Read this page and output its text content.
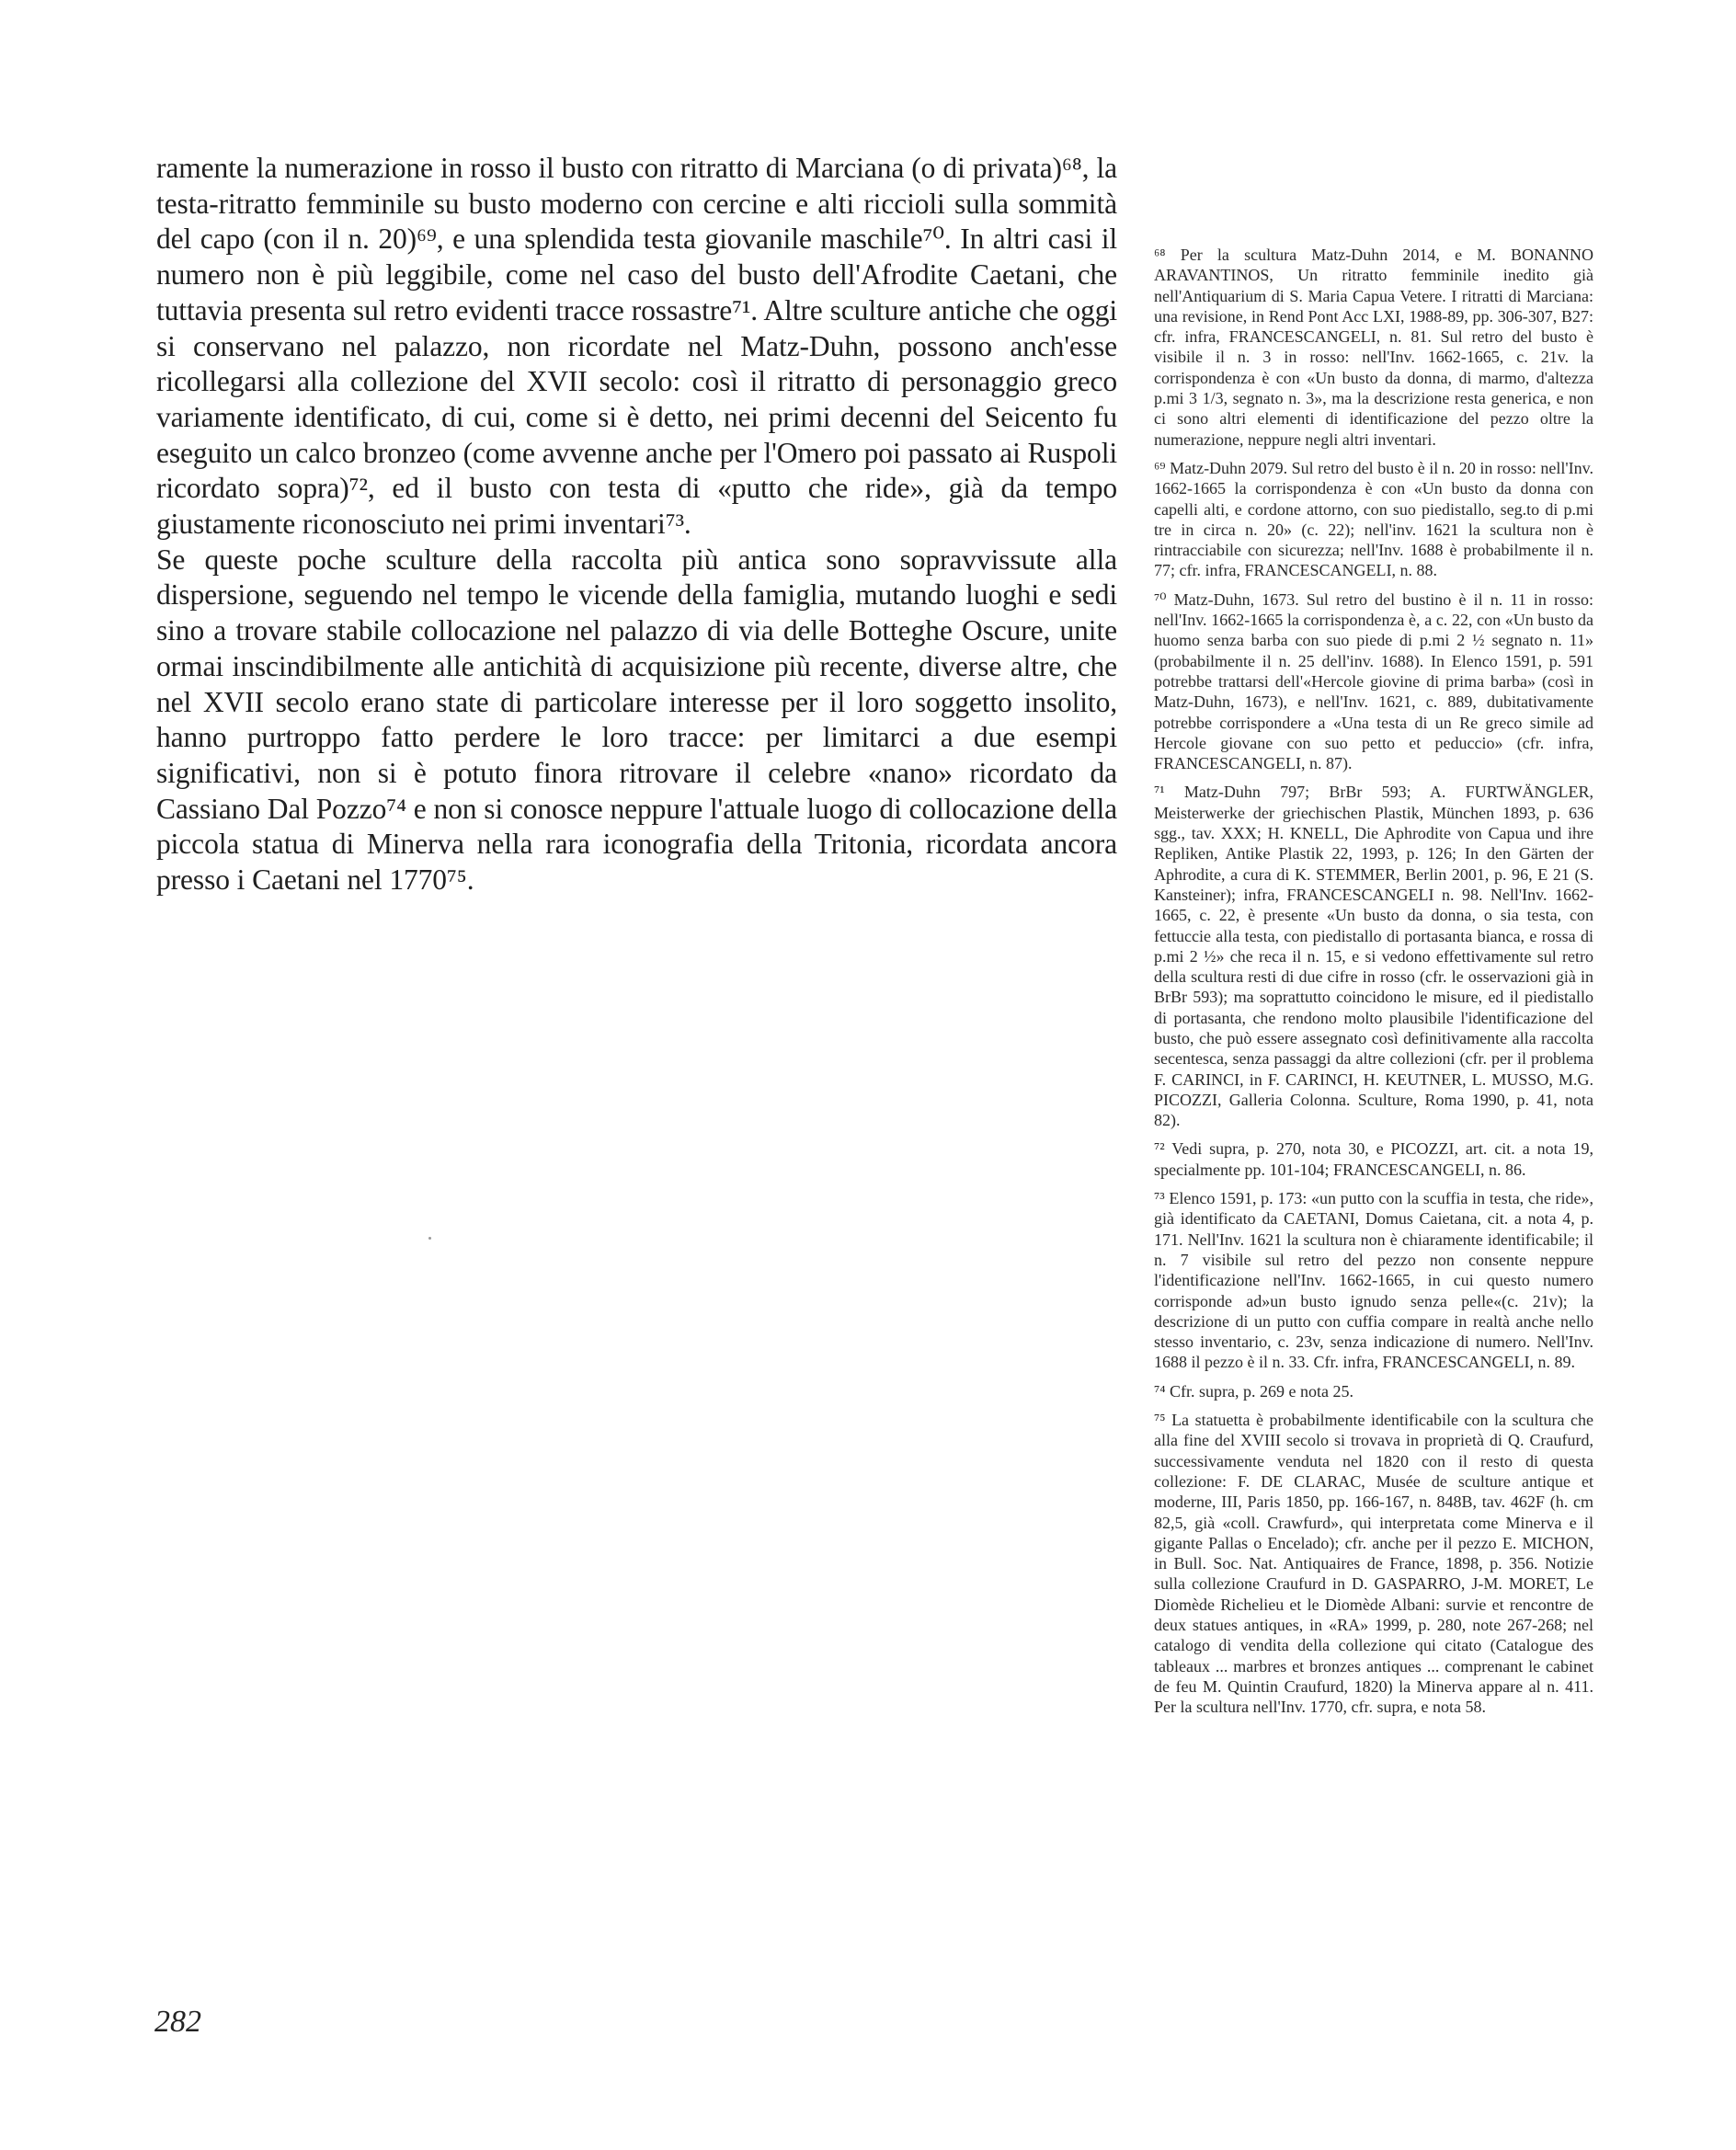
ramente la numerazione in rosso il busto con ritratto di Marciana (o di privata)⁶⁸, la testa-ritratto femminile su busto moderno con cercine e alti riccioli sulla sommità del capo (con il n. 20)⁶⁹, e una splendida testa giovanile maschile⁷⁰. In altri casi il numero non è più leggibile, come nel caso del busto dell'Afrodite Caetani, che tuttavia presenta sul retro evidenti tracce rossastre⁷¹. Altre sculture antiche che oggi si conservano nel palazzo, non ricordate nel Matz-Duhn, possono anch'esse ricollegarsi alla collezione del XVII secolo: così il ritratto di personaggio greco variamente identificato, di cui, come si è detto, nei primi decenni del Seicento fu eseguito un calco bronzeo (come avvenne anche per l'Omero poi passato ai Ruspoli ricordato sopra)⁷², ed il busto con testa di «putto che ride», già da tempo giustamente riconosciuto nei primi inventari⁷³.

Se queste poche sculture della raccolta più antica sono sopravvissute alla dispersione, seguendo nel tempo le vicende della famiglia, mutando luoghi e sedi sino a trovare stabile collocazione nel palazzo di via delle Botteghe Oscure, unite ormai inscindibilmente alle antichità di acquisizione più recente, diverse altre, che nel XVII secolo erano state di particolare interesse per il loro soggetto insolito, hanno purtroppo fatto perdere le loro tracce: per limitarci a due esempi significativi, non si è potuto finora ritrovare il celebre «nano» ricordato da Cassiano Dal Pozzo⁷⁴ e non si conosce neppure l'attuale luogo di collocazione della piccola statua di Minerva nella rara iconografia della Tritonia, ricordata ancora presso i Caetani nel 1770⁷⁵.

⁶⁸ Per la scultura Matz-Duhn 2014, e M. BONANNO ARAVANTINOS, Un ritratto femminile inedito già nell'Antiquarium di S. Maria Capua Vetere. I ritratti di Marciana: una revisione, in Rend Pont Acc LXI, 1988-89, pp. 306-307, B27: cfr. infra, FRANCESCANGELI, n. 81. Sul retro del busto è visibile il n. 3 in rosso: nell'Inv. 1662-1665, c. 21v. la corrispondenza è con «Un busto da donna, di marmo, d'altezza p.mi 3 1/3, segnato n. 3», ma la descrizione resta generica, e non ci sono altri elementi di identificazione del pezzo oltre la numerazione, neppure negli altri inventari.

⁶⁹ Matz-Duhn 2079. Sul retro del busto è il n. 20 in rosso: nell'Inv. 1662-1665 la corrispondenza è con «Un busto da donna con capelli alti, e cordone attorno, con suo piedistallo, seg.to di p.mi tre in circa n. 20» (c. 22); nell'inv. 1621 la scultura non è rintracciabile con sicurezza; nell'Inv. 1688 è probabilmente il n. 77; cfr. infra, FRANCESCANGELI, n. 88.

⁷⁰ Matz-Duhn, 1673. Sul retro del bustino è il n. 11 in rosso: nell'Inv. 1662-1665 la corrispondenza è, a c. 22, con «Un busto da huomo senza barba con suo piede di p.mi 2 ½ segnato n. 11» (probabilmente il n. 25 dell'inv. 1688). In Elenco 1591, p. 591 potrebbe trattarsi dell'«Hercole giovine di prima barba» (così in Matz-Duhn, 1673), e nell'Inv. 1621, c. 889, dubitativamente potrebbe corrispondere a «Una testa di un Re greco simile ad Hercole giovane con suo petto et peduccio» (cfr. infra, FRANCESCANGELI, n. 87).

⁷¹ Matz-Duhn 797; BrBr 593; A. FURTWÄNGLER, Meisterwerke der griechischen Plastik, München 1893, p. 636 sgg., tav. XXX; H. KNELL, Die Aphrodite von Capua und ihre Repliken, Antike Plastik 22, 1993, p. 126; In den Gärten der Aphrodite, a cura di K. STEMMER, Berlin 2001, p. 96, E 21 (S. Kansteiner); infra, FRANCESCANGELI n. 98. Nell'Inv. 1662-1665, c. 22, è presente «Un busto da donna, o sia testa, con fettuccie alla testa, con piedistallo di portasanta bianca, e rossa di p.mi 2 ½» che reca il n. 15, e si vedono effettivamente sul retro della scultura resti di due cifre in rosso (cfr. le osservazioni già in BrBr 593); ma soprattutto coincidono le misure, ed il piedistallo di portasanta, che rendono molto plausibile l'identificazione del busto, che può essere assegnato così definitivamente alla raccolta secentesca, senza passaggi da altre collezioni (cfr. per il problema F. CARINCI, in F. CARINCI, H. KEUTNER, L. MUSSO, M.G. PICOZZI, Galleria Colonna. Sculture, Roma 1990, p. 41, nota 82).

⁷² Vedi supra, p. 270, nota 30, e PICOZZI, art. cit. a nota 19, specialmente pp. 101-104; FRANCESCANGELI, n. 86.

⁷³ Elenco 1591, p. 173: «un putto con la scuffia in testa, che ride», già identificato da CAETANI, Domus Caietana, cit. a nota 4, p. 171. Nell'Inv. 1621 la scultura non è chiaramente identificabile; il n. 7 visibile sul retro del pezzo non consente neppure l'identificazione nell'Inv. 1662-1665, in cui questo numero corrisponde ad»un busto ignudo senza pelle«(c. 21v); la descrizione di un putto con cuffia compare in realtà anche nello stesso inventario, c. 23v, senza indicazione di numero. Nell'Inv. 1688 il pezzo è il n. 33. Cfr. infra, FRANCESCANGELI, n. 89.

⁷⁴ Cfr. supra, p. 269 e nota 25.

⁷⁵ La statuetta è probabilmente identificabile con la scultura che alla fine del XVIII secolo si trovava in proprietà di Q. Craufurd, successivamente venduta nel 1820 con il resto di questa collezione: F. DE CLARAC, Musée de sculture antique et moderne, III, Paris 1850, pp. 166-167, n. 848B, tav. 462F (h. cm 82,5, già «coll. Crawfurd», qui interpretata come Minerva e il gigante Pallas o Encelado); cfr. anche per il pezzo E. MICHON, in Bull. Soc. Nat. Antiquaires de France, 1898, p. 356. Notizie sulla collezione Craufurd in D. GASPARRO, J-M. MORET, Le Diomède Richelieu et le Diomède Albani: survie et rencontre de deux statues antiques, in «RA» 1999, p. 280, note 267-268; nel catalogo di vendita della collezione qui citato (Catalogue des tableaux ... marbres et bronzes antiques ... comprenant le cabinet de feu M. Quintin Craufurd, 1820) la Minerva appare al n. 411. Per la scultura nell'Inv. 1770, cfr. supra, e nota 58.

282
